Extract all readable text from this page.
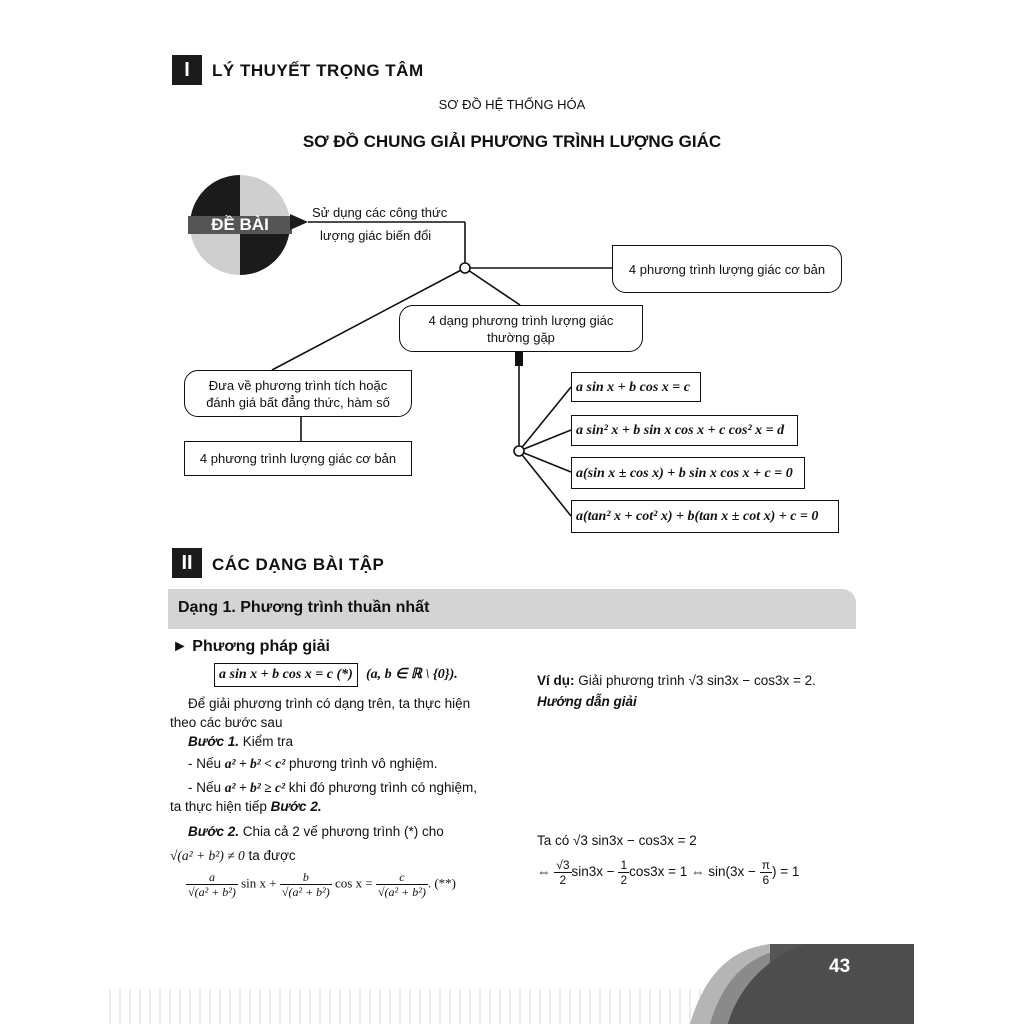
I	LÝ THUYẾT TRỌNG TÂM
SƠ ĐỒ HỆ THỐNG HÓA
SƠ ĐỒ CHUNG GIẢI PHƯƠNG TRÌNH LƯỢNG GIÁC
ĐỀ BÀI
Sử dụng các công thức
lượng giác biến đổi
4 phương trình lượng giác cơ bản
4 dạng phương trình lượng giác
thường gặp
Đưa về phương trình tích hoặc
đánh giá bất đẳng thức, hàm số
4 phương trình lượng giác cơ bản
a sin x + b cos x = c
a sin² x + b sin x cos x + c cos² x = d
a(sin x ± cos x) + b sin x cos x + c = 0
a(tan² x + cot² x) + b(tan x ± cot x) + c = 0
II	CÁC DẠNG BÀI TẬP
Dạng 1. Phương trình thuần nhất
► Phương pháp giải
a sin x + b cos x = c (*) (a, b ∈ ℝ \ {0}).
Để giải phương trình có dạng trên, ta thực hiện
theo các bước sau
Bước 1. Kiểm tra
- Nếu a² + b² < c² phương trình vô nghiệm.
- Nếu a² + b² ≥ c² khi đó phương trình có nghiệm,
ta thực hiện tiếp Bước 2.
Bước 2. Chia cả 2 vế phương trình (*) cho
√(a² + b²) ≠ 0 ta được
$\frac{a}{\text{√(a² + b²)}}$ $\sin x + \frac{b}{\text{√(a² + b²)}}$ $\cos x = \frac{c}{\text{√(a² + b²)}}$ . (**)
Ví dụ: Giải phương trình √3 sin3x − cos3x = 2.
Hướng dẫn giải
Ta có √3 sin3x − cos3x = 2
⇔ $\frac{√3}{2} \sin 3x - \frac{1}{2} \cos 3x = 1$ ⇔ $\sin(3x - \frac{\pi}{6}$ ) = 1
43
